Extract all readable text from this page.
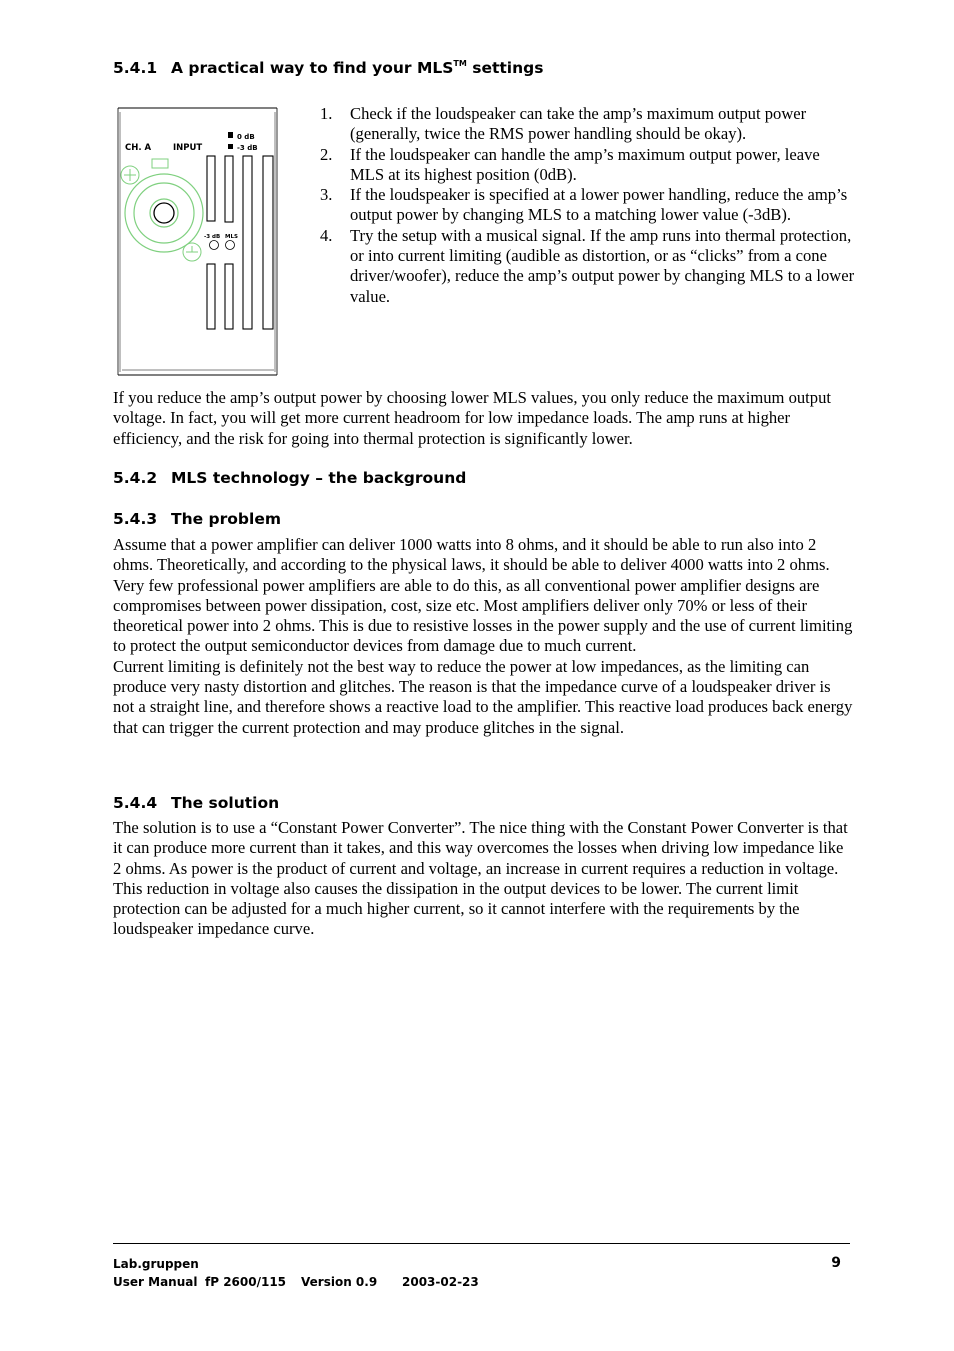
5.4.1 A practical way to find your MLS™ settings
CH. A	INPUT
0 dB
-3 dB
-3 dB MLS
1.	Check if the loudspeaker can take the amp’s maximum output power (generally, twice the RMS power handling should be okay).
2.	If the loudspeaker can handle the amp’s maximum output power, leave MLS at its highest position (0dB).
3.	If the loudspeaker is specified at a lower power handling, reduce the amp’s output power by changing MLS to a matching lower value (-3dB).
4.	Try the setup with a musical signal. If the amp runs into thermal protection, or into current limiting (audible as distortion, or as “clicks” from a cone driver/woofer), reduce the amp’s output power by changing MLS to a lower value.

If you reduce the amp’s output power by choosing lower MLS values, you only reduce the maximum output voltage. In fact, you will get more current headroom for low impedance loads. The amp runs at higher efficiency, and the risk for going into thermal protection is significantly lower.

5.4.2 MLS technology – the background
5.4.3 The problem

Assume that a power amplifier can deliver 1000 watts into 8 ohms, and it should be able to run also into 2 ohms. Theoretically, and according to the physical laws, it should be able to deliver 4000 watts into 2 ohms.

Very few professional power amplifiers are able to do this, as all conventional power amplifier designs are compromises between power dissipation, cost, size etc. Most amplifiers deliver only 70% or less of their theoretical power into 2 ohms. This is due to resistive losses in the power supply and the use of current limiting to protect the output semiconductor devices from damage due to much current.

Current limiting is definitely not the best way to reduce the power at low impedances, as the limiting can produce very nasty distortion and glitches. The reason is that the impedance curve of a loudspeaker driver is not a straight line, and therefore shows a reactive load to the amplifier. This reactive load produces back energy that can trigger the current protection and may produce glitches in the signal.

5.4.4 The solution

The solution is to use a “Constant Power Converter”. The nice thing with the Constant Power Converter is that it can produce more current than it takes, and this way overcomes the losses when driving low impedance like 2 ohms. As power is the product of current and voltage, an increase in current requires a reduction in voltage. This reduction in voltage also causes the dissipation in the output devices to be lower. The current limit protection can be adjusted for a much higher current, so it cannot interfere with the requirements by the loudspeaker impedance curve.

Lab.gruppen
User Manual fP 2600/115 Version 0.9 2003-02-23
9
